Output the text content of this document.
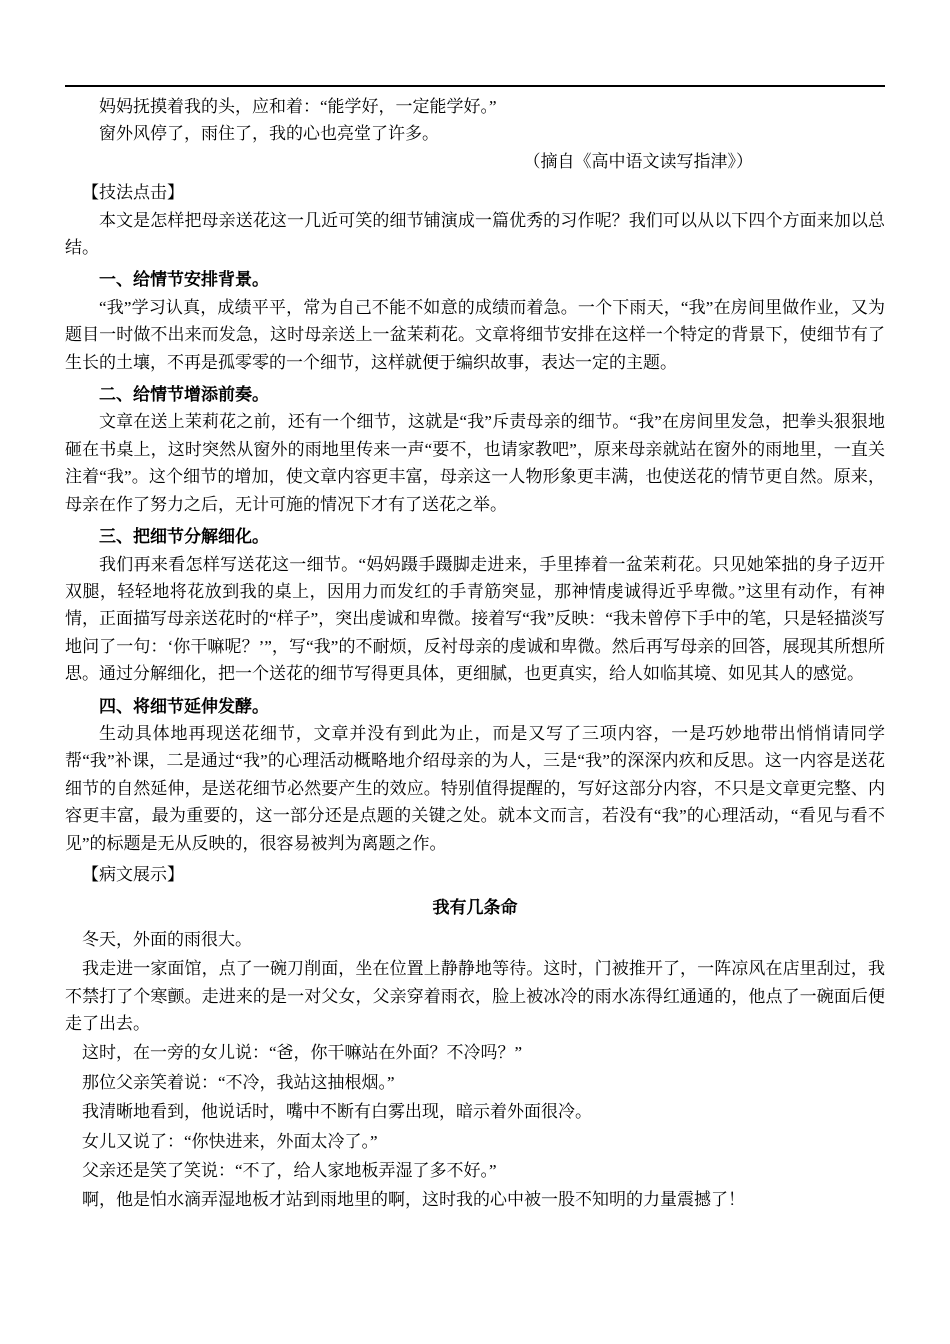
妈妈抚摸着我的头，应和着：“能学好，一定能学好。”

窗外风停了，雨住了，我的心也亮堂了许多。

（摘自《高中语文读写指津》）

【技法点击】

本文是怎样把母亲送花这一几近可笑的细节铺演成一篇优秀的习作呢？我们可以从以下四个方面来加以总结。

一、给情节安排背景。

“我”学习认真，成绩平平，常为自己不能不如意的成绩而着急。一个下雨天，“我”在房间里做作业，又为题目一时做不出来而发急，这时母亲送上一盆茉莉花。文章将细节安排在这样一个特定的背景下，使细节有了生长的土壤，不再是孤零零的一个细节，这样就便于编织故事，表达一定的主题。

二、给情节增添前奏。

文章在送上茉莉花之前，还有一个细节，这就是“我”斥责母亲的细节。“我”在房间里发急，把拳头狠狠地砸在书桌上，这时突然从窗外的雨地里传来一声“要不，也请家教吧”，原来母亲就站在窗外的雨地里，一直关注着“我”。这个细节的增加，使文章内容更丰富，母亲这一人物形象更丰满，也使送花的情节更自然。原来，母亲在作了努力之后，无计可施的情况下才有了送花之举。

三、把细节分解细化。

我们再来看怎样写送花这一细节。“妈妈蹑手蹑脚走进来，手里捧着一盆茉莉花。只见她笨拙的身子迈开双腿，轻轻地将花放到我的桌上，因用力而发红的手青筋突显，那神情虔诚得近乎卑微。”这里有动作，有神情，正面描写母亲送花时的“样子”，突出虔诚和卑微。接着写“我”反映：“我未曾停下手中的笔，只是轻描淡写地问了一句：‘你干嘛呢？’”，写“我”的不耐烦，反衬母亲的虔诚和卑微。然后再写母亲的回答，展现其所想所思。通过分解细化，把一个送花的细节写得更具体，更细腻，也更真实，给人如临其境、如见其人的感觉。

四、将细节延伸发酵。

生动具体地再现送花细节，文章并没有到此为止，而是又写了三项内容，一是巧妙地带出悄悄请同学帮“我”补课，二是通过“我”的心理活动概略地介绍母亲的为人，三是“我”的深深内疚和反思。这一内容是送花细节的自然延伸，是送花细节必然要产生的效应。特别值得提醒的，写好这部分内容，不只是文章更完整、内容更丰富，最为重要的，这一部分还是点题的关键之处。就本文而言，若没有“我”的心理活动，“看见与看不见”的标题是无从反映的，很容易被判为离题之作。

【病文展示】

我有几条命

冬天，外面的雨很大。

我走进一家面馆，点了一碗刀削面，坐在位置上静静地等待。这时，门被推开了，一阵凉风在店里刮过，我不禁打了个寒颤。走进来的是一对父女，父亲穿着雨衣，脸上被冰冷的雨水冻得红通通的，他点了一碗面后便走了出去。

这时，在一旁的女儿说：“爸，你干嘛站在外面？不冷吗？”

那位父亲笑着说：“不冷，我站这抽根烟。”

我清晰地看到，他说话时，嘴中不断有白雾出现，暗示着外面很冷。

女儿又说了：“你快进来，外面太冷了。”

父亲还是笑了笑说：“不了，给人家地板弄湿了多不好。”

啊，他是怕水滴弄湿地板才站到雨地里的啊，这时我的心中被一股不知明的力量震撼了！
